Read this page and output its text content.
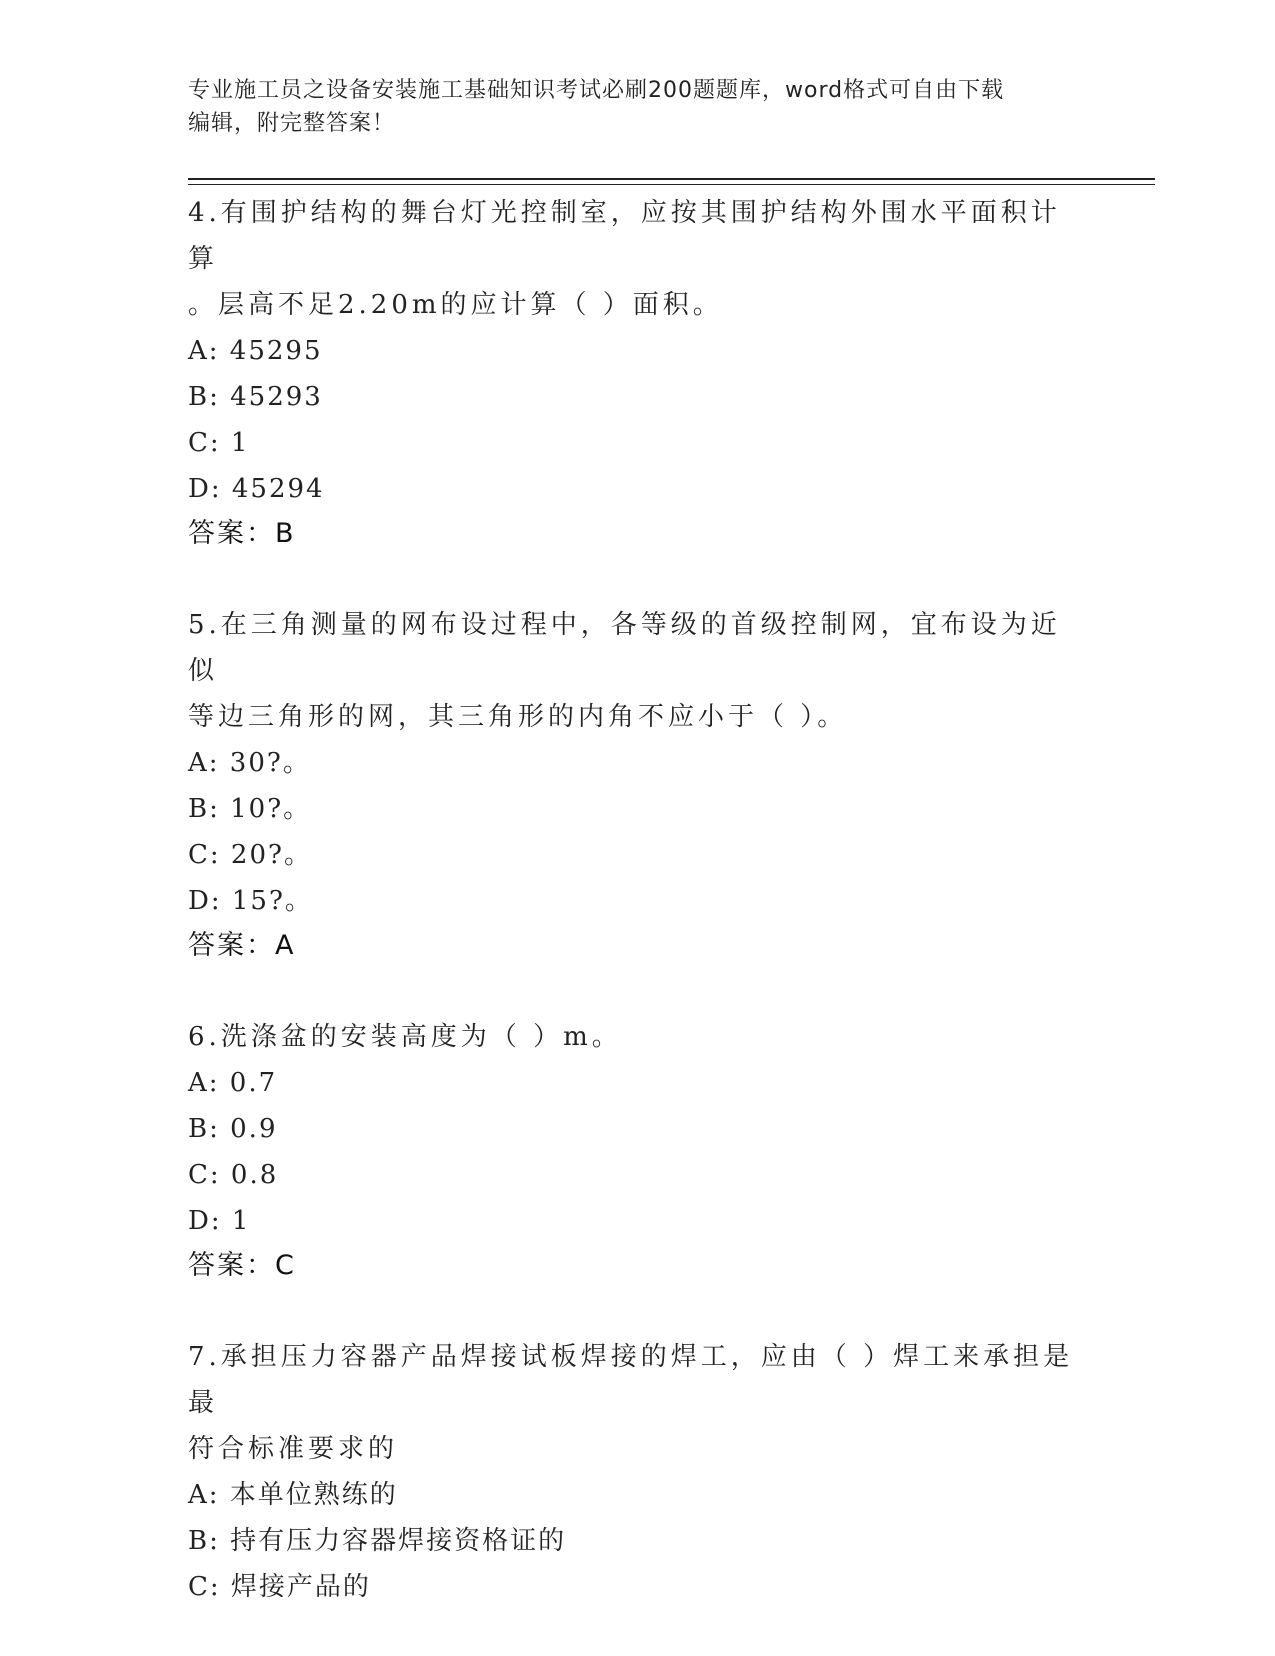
专业施工员之设备安装施工基础知识考试必刷200题题库，word格式可自由下载
编辑，附完整答案！
4.有围护结构的舞台灯光控制室，应按其围护结构外围水平面积计算
。层高不足2.20m的应计算（ ）面积。
A: 45295
B: 45293
C: 1
D: 45294
答案：B
5.在三角测量的网布设过程中，各等级的首级控制网，宜布设为近似
等边三角形的网，其三角形的内角不应小于（ ）。
A: 30?。
B: 10?。
C: 20?。
D: 15?。
答案：A
6.洗涤盆的安装高度为（ ）m。
A: 0.7
B: 0.9
C: 0.8
D: 1
答案：C
7.承担压力容器产品焊接试板焊接的焊工，应由（ ）焊工来承担是最
符合标准要求的
A: 本单位熟练的
B: 持有压力容器焊接资格证的
C: 焊接产品的
